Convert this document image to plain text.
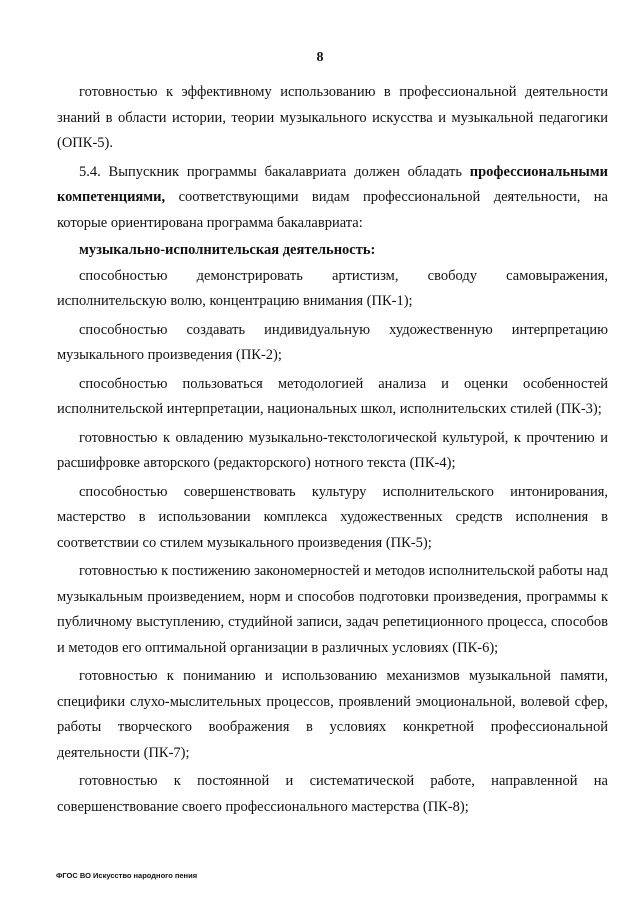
8

готовностью к эффективному использованию в профессиональной деятельности знаний в области истории, теории музыкального искусства и музыкальной педагогики (ОПК-5).

5.4. Выпускник программы бакалавриата должен обладать профессиональными компетенциями, соответствующими видам профессиональной деятельности, на которые ориентирована программа бакалавриата:

музыкально-исполнительская деятельность:

способностью демонстрировать артистизм, свободу самовыражения, исполнительскую волю, концентрацию внимания (ПК-1);

способностью создавать индивидуальную художественную интерпретацию музыкального произведения (ПК-2);

способностью пользоваться методологией анализа и оценки особенностей исполнительской интерпретации, национальных школ, исполнительских стилей (ПК-3);

готовностью к овладению музыкально-текстологической культурой, к прочтению и расшифровке авторского (редакторского) нотного текста (ПК-4);

способностью совершенствовать культуру исполнительского интонирования, мастерство в использовании комплекса художественных средств исполнения в соответствии со стилем музыкального произведения (ПК-5);

готовностью к постижению закономерностей и методов исполнительской работы над музыкальным произведением, норм и способов подготовки произведения, программы к публичному выступлению, студийной записи, задач репетиционного процесса, способов и методов его оптимальной организации в различных условиях (ПК-6);

готовностью к пониманию и использованию механизмов музыкальной памяти, специфики слухо-мыслительных процессов, проявлений эмоциональной, волевой сфер, работы творческого воображения в условиях конкретной профессиональной деятельности (ПК-7);

готовностью к постоянной и систематической работе, направленной на совершенствование своего профессионального мастерства (ПК-8);

ФГОС ВО Искусство народного пения
